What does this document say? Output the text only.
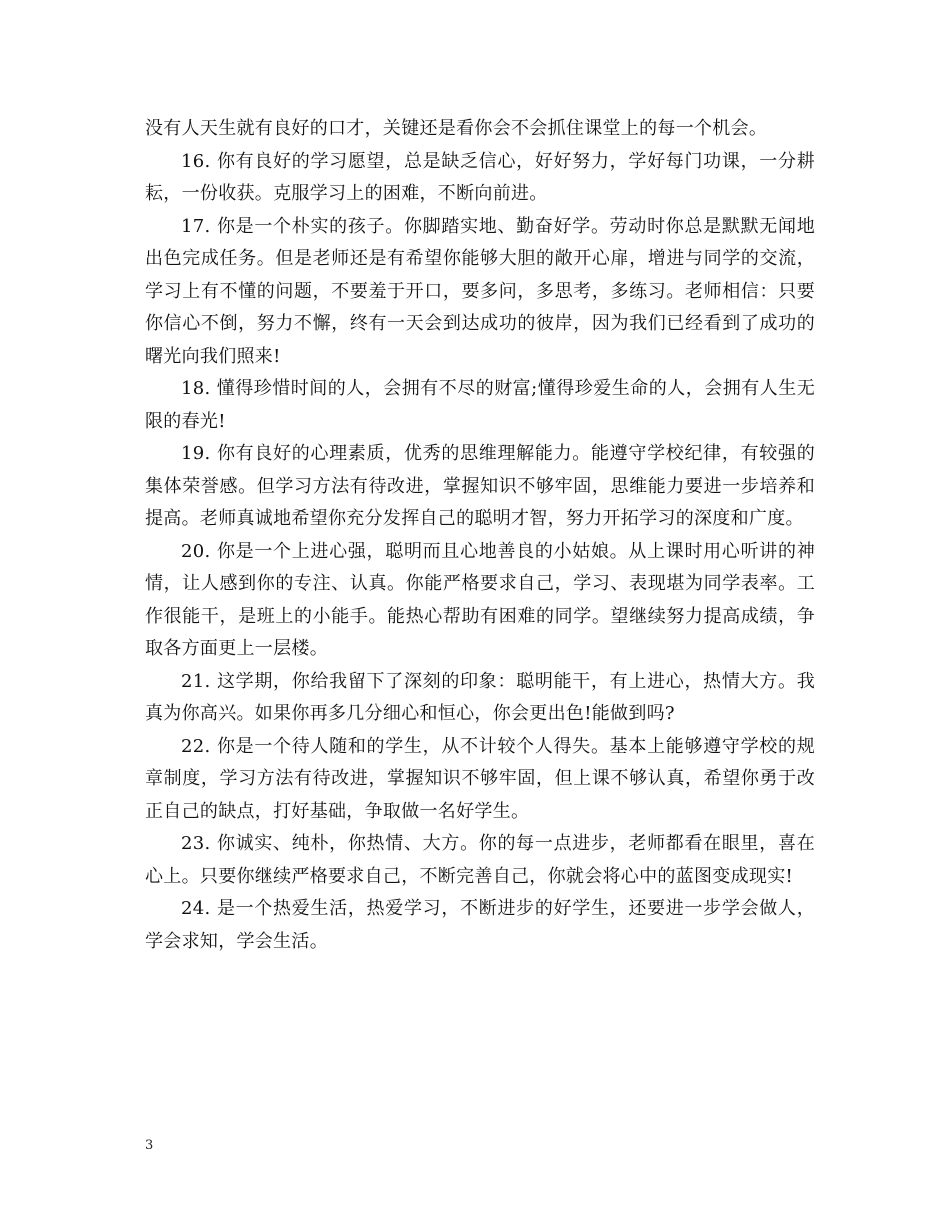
没有人天生就有良好的口才，关键还是看你会不会抓住课堂上的每一个机会。

16. 你有良好的学习愿望，总是缺乏信心，好好努力，学好每门功课，一分耕耘，一份收获。克服学习上的困难，不断向前进。

17. 你是一个朴实的孩子。你脚踏实地、勤奋好学。劳动时你总是默默无闻地出色完成任务。但是老师还是有希望你能够大胆的敞开心扉，增进与同学的交流，学习上有不懂的问题，不要羞于开口，要多问，多思考，多练习。老师相信：只要你信心不倒，努力不懈，终有一天会到达成功的彼岸，因为我们已经看到了成功的曙光向我们照来!

18. 懂得珍惜时间的人，会拥有不尽的财富;懂得珍爱生命的人，会拥有人生无限的春光!

19. 你有良好的心理素质，优秀的思维理解能力。能遵守学校纪律，有较强的集体荣誉感。但学习方法有待改进，掌握知识不够牢固，思维能力要进一步培养和提高。老师真诚地希望你充分发挥自己的聪明才智，努力开拓学习的深度和广度。

20. 你是一个上进心强，聪明而且心地善良的小姑娘。从上课时用心听讲的神情，让人感到你的专注、认真。你能严格要求自己，学习、表现堪为同学表率。工作很能干，是班上的小能手。能热心帮助有困难的同学。望继续努力提高成绩，争取各方面更上一层楼。

21. 这学期，你给我留下了深刻的印象：聪明能干，有上进心，热情大方。我真为你高兴。如果你再多几分细心和恒心，你会更出色!能做到吗?

22. 你是一个待人随和的学生，从不计较个人得失。基本上能够遵守学校的规章制度，学习方法有待改进，掌握知识不够牢固，但上课不够认真，希望你勇于改正自己的缺点，打好基础，争取做一名好学生。

23. 你诚实、纯朴，你热情、大方。你的每一点进步，老师都看在眼里，喜在心上。只要你继续严格要求自己，不断完善自己，你就会将心中的蓝图变成现实!

24. 是一个热爱生活，热爱学习，不断进步的好学生，还要进一步学会做人，学会求知，学会生活。

3
